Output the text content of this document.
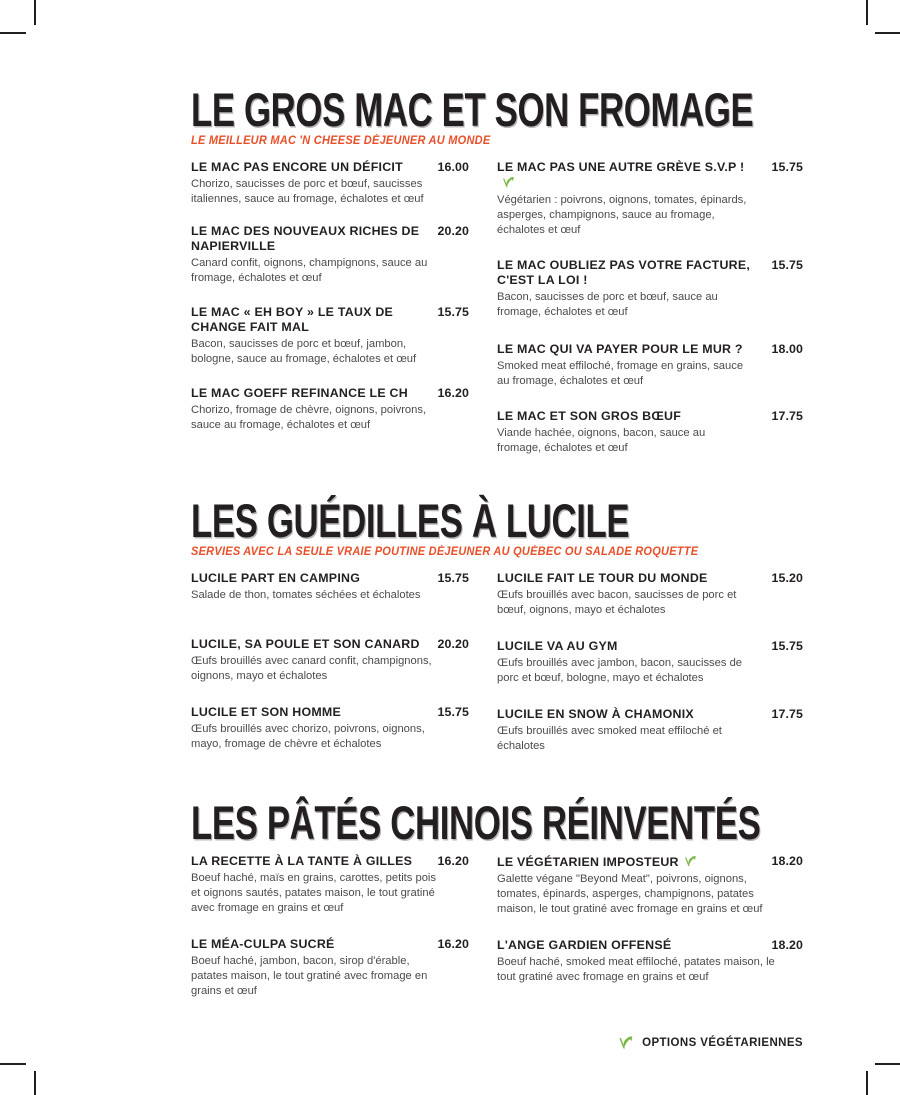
LE GROS MAC ET SON FROMAGE
LE MEILLEUR MAC 'N CHEESE DÉJEUNER AU MONDE
LE MAC PAS ENCORE UN DÉFICIT	16.00

Chorizo, saucisses de porc et bœuf, saucisses italiennes, sauce au fromage, échalotes et œuf

LE MAC DES NOUVEAUX RICHES DE NAPIERVILLE
20.20

Canard confit, oignons, champignons, sauce au fromage, échalotes et œuf

LE MAC « EH BOY » LE TAUX DE CHANGE FAIT MAL
15.75

Bacon, saucisses de porc et bœuf, jambon, bologne, sauce au fromage, échalotes et œuf

LE MAC GOEFF REFINANCE LE CH	16.20

Chorizo, fromage de chèvre, oignons, poivrons, sauce au fromage, échalotes et œuf

LE MAC PAS UNE AUTRE GRÈVE S.V.P !	15.75

Végétarien : poivrons, oignons, tomates, épinards, asperges, champignons, sauce au fromage, échalotes et œuf

LE MAC OUBLIEZ PAS VOTRE FACTURE, C'EST LA LOI !
15.75

Bacon, saucisses de porc et bœuf, sauce au fromage, échalotes et œuf

LE MAC QUI VA PAYER POUR LE MUR ?	18.00

Smoked meat effiloché, fromage en grains, sauce au fromage, échalotes et œuf

LE MAC ET SON GROS BŒUF	17.75

Viande hachée, oignons, bacon, sauce au fromage, échalotes et œuf

LES GUÉDILLES À LUCILE
SERVIES AVEC LA SEULE VRAIE POUTINE DÉJEUNER AU QUÉBEC OU SALADE ROQUETTE
LUCILE PART EN CAMPING	15.75

Salade de thon, tomates séchées et échalotes

LUCILE, SA POULE ET SON CANARD	20.20

Œufs brouillés avec canard confit, champignons, oignons, mayo et échalotes

LUCILE ET SON HOMME	15.75

Œufs brouillés avec chorizo, poivrons, oignons, mayo, fromage de chèvre et échalotes

LUCILE FAIT LE TOUR DU MONDE	15.20

Œufs brouillés avec bacon, saucisses de porc et bœuf, oignons, mayo et échalotes

LUCILE VA AU GYM	15.75

Œufs brouillés avec jambon, bacon, saucisses de porc et bœuf, bologne, mayo et échalotes

LUCILE EN SNOW À CHAMONIX	17.75

Œufs brouillés avec smoked meat effiloché et échalotes

LES PÂTÉS CHINOIS RÉINVENTÉS
LA RECETTE À LA TANTE À GILLES	16.20

Boeuf haché, maïs en grains, carottes, petits pois et oignons sautés, patates maison, le tout gratiné avec fromage en grains et œuf

LE MÉA-CULPA SUCRÉ	16.20

Boeuf haché, jambon, bacon, sirop d'érable, patates maison, le tout gratiné avec fromage en grains et œuf

LE VÉGÉTARIEN IMPOSTEUR	18.20

Galette végane "Beyond Meat", poivrons, oignons, tomates, épinards, asperges, champignons, patates maison, le tout gratiné avec fromage en grains et œuf

L'ANGE GARDIEN OFFENSÉ	18.20

Boeuf haché, smoked meat effiloché, patates maison, le tout gratiné avec fromage en grains et œuf

OPTIONS VÉGÉTARIENNES
